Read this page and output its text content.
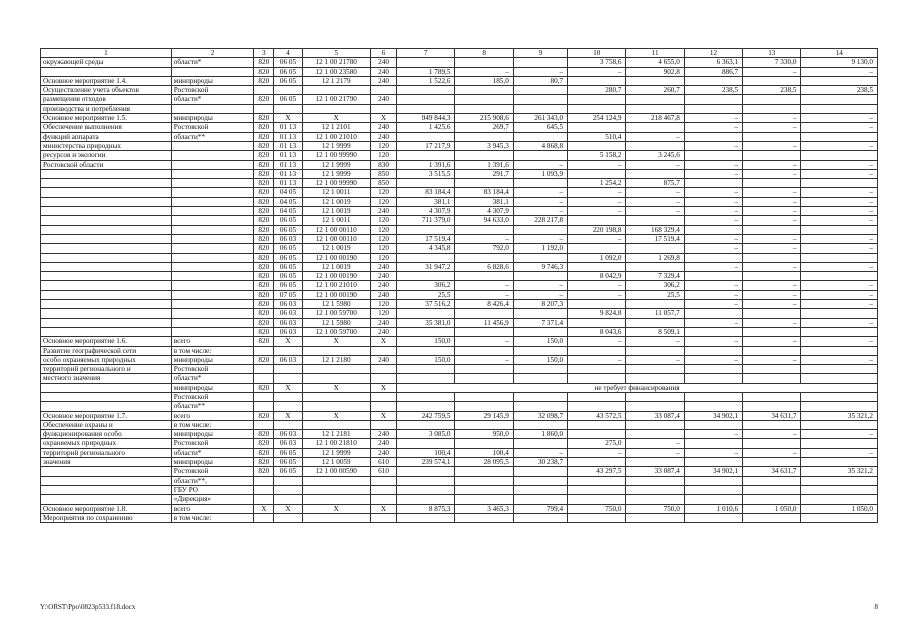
1	2	3	4	5	6	7	8	9	10	11	12	13	14
окружающей среды	области*	820	06 05	12 1 00 21780	240				3 758,6	4 655,0	6 363,1	7 330,0	9 130,0
		820	06 05	12 1 00 23580	240	1 789,5	–	–	–	902,8	886,7	–	–
Основное мероприятие 1.4.	минприроды	820	06 05	12 1 2179	240	1 522,6	185,0	80,7					
Осуществление учета объектов	Ростовской								280,7	260,7	238,5	238,5	238,5
размещения отходов	области*	820	06 05	12 1 00 21790	240								
производства и потребления													
Основное мероприятие 1.5.	минприроды	820	X	X	X	949 844,3	215 908,6	261 343,0	254 124,9	218 467,8	–	–	–
Обеспечение выполнения	Ростовской	820	01 13	12 1 2101	240	1 425,6	269,7	645,5			–	–	–
функций аппарата	области**	820	01 13	12 1 00 21010	240				510,4	–			
министерства природных		820	01 13	12 1 9999	120	17 217,9	3 945,3	4 868,8			–	–	–
ресурсов и экологии		820	01 13	12 1 00 99990	120				5 158,2	3 245,6			
Ростовской области		820	01 13	12 1 9999	830	1 391,6	1 391,6	–	–	–	–	–	–
		820	01 13	12 1 9999	850	3 515,5	291,7	1 093,9			–	–	–
		820	01 13	12 1 00 99990	850				1 254,2	875,7			
		820	04 05	12 1 0011	120	83 184,4	83 184,4	–	–	–	–	–	–
		820	04 05	12 1 0019	120	381,1	381,1	–	–	–	–	–	–
		820	04 05	12 1 0019	240	4 307,9	4 307,9	–	–	–	–	–	–
		820	06 05	12 1 0011	120	711 379,0	94 633,0	228 217,8			–	–	–
		820	06 05	12 1 00 00110	120				220 198,8	168 329,4			
		820	06 03	12 1 00 00110	120	17 519,4	–	–	–	17 519,4	–	–	–
		820	06 05	12 1 0019	120	4 345,8	792,0	1 192,0			–	–	–
		820	06 05	12 1 00 00190	120				1 092,0	1 269,8			
		820	06 05	12 1 0019	240	31 947,2	6 828,6	9 746,3			–	–	–
		820	06 05	12 1 00 00190	240				8 042,9	7 329,4			
		820	06 05	12 1 00 21010	240	306,2	–	–	–	306,2	–	–	–
		820	07 05	12 1 00 00190	240	25,5	–	–	–	25,5	–	–	–
		820	06 03	12 1 5980	120	37 516,2	8 426,4	8 207,3			–	–	–
		820	06 03	12 1 00 59700	120				9 824,8	11 057,7			
		820	06 03	12 1 5980	240	35 381,0	11 456,9	7 371,4			–	–	–
		820	06 03	12 1 00 59700	240				8 043,6	8 509,1			
Основное мероприятие 1.6.	всего	820	X	X	X	150,0	–	150,0	–	–	–	–	–
Развитие географической сети	в том числе:												
особо охраняемых природных	минприроды	820	06 03	12 1 2180	240	150,0	–	150,0	–	–	–	–	–
территорий регионального и	Ростовской												
местного значения	области*												
	минприроды	820	X	X	X	не требует финансирования							
	Ростовской												
	области**												
Основное мероприятие 1.7.	всего	820	X	X	X	242 759,5	29 145,9	32 098,7	43 572,5	33 087,4	34 902,1	34 631,7	35 321,2
Обеспечение охраны и	в том числе:												
функционирования особо	минприроды	820	06 03	12 1 2181	240	3 085,0	950,0	1 860,0			–	–	–
охраняемых природных	Ростовской	820	06 03	12 1 00 21810	240				275,0	–			
территорий регионального	области*	820	06 05	12 1 9999	240	100,4	100,4	–	–	–	–	–	–
значения	минприроды	820	06 05	12 1 0059	610	239 574,1	28 095,5	30 238,7					
	Ростовской	820	06 05	12 1 00 00590	610				43 297,5	33 087,4	34 902,1	34 631,7	35 321,2
	области**,												
	ГБУ РО												
	«Дирекция»												
Основное мероприятие 1.8.	всего	X	X	X	X	8 875,3	3 465,3	799,4	750,0	750,0	1 010,6	1 050,0	1 050,0
Мероприятия по сохранению	в том числе:												
Y:\ORST\Ppo\0823p533.f18.docx	8
